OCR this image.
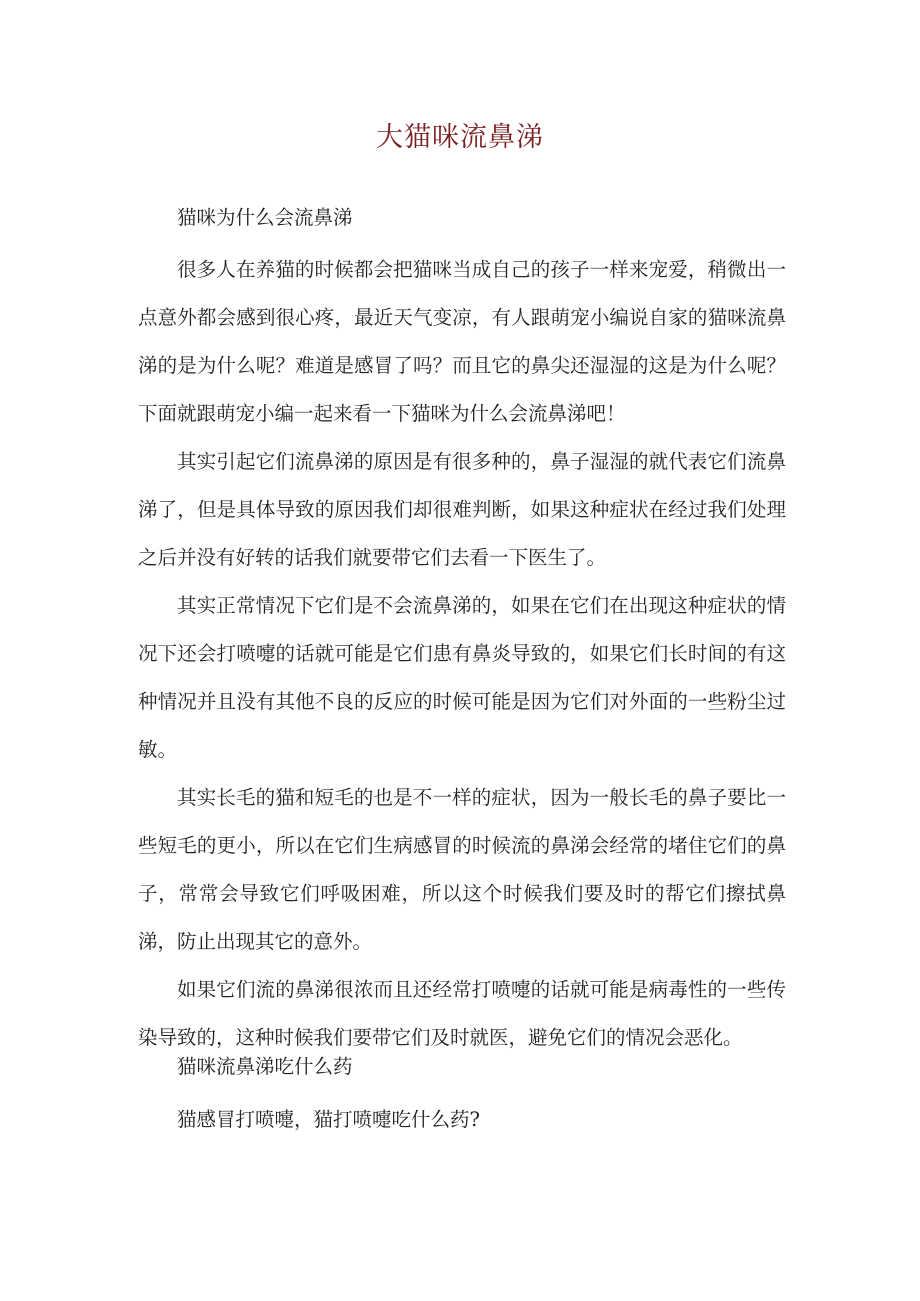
大猫咪流鼻涕

猫咪为什么会流鼻涕

很多人在养猫的时候都会把猫咪当成自己的孩子一样来宠爱，稍微出一点意外都会感到很心疼，最近天气变凉，有人跟萌宠小编说自家的猫咪流鼻涕的是为什么呢？难道是感冒了吗？而且它的鼻尖还湿湿的这是为什么呢？下面就跟萌宠小编一起来看一下猫咪为什么会流鼻涕吧！

其实引起它们流鼻涕的原因是有很多种的，鼻子湿湿的就代表它们流鼻涕了，但是具体导致的原因我们却很难判断，如果这种症状在经过我们处理之后并没有好转的话我们就要带它们去看一下医生了。

其实正常情况下它们是不会流鼻涕的，如果在它们在出现这种症状的情况下还会打喷嚏的话就可能是它们患有鼻炎导致的，如果它们长时间的有这种情况并且没有其他不良的反应的时候可能是因为它们对外面的一些粉尘过敏。

其实长毛的猫和短毛的也是不一样的症状，因为一般长毛的鼻子要比一些短毛的更小，所以在它们生病感冒的时候流的鼻涕会经常的堵住它们的鼻子，常常会导致它们呼吸困难，所以这个时候我们要及时的帮它们擦拭鼻涕，防止出现其它的意外。

如果它们流的鼻涕很浓而且还经常打喷嚏的话就可能是病毒性的一些传染导致的，这种时候我们要带它们及时就医，避免它们的情况会恶化。

猫咪流鼻涕吃什么药

猫感冒打喷嚏，猫打喷嚏吃什么药?
